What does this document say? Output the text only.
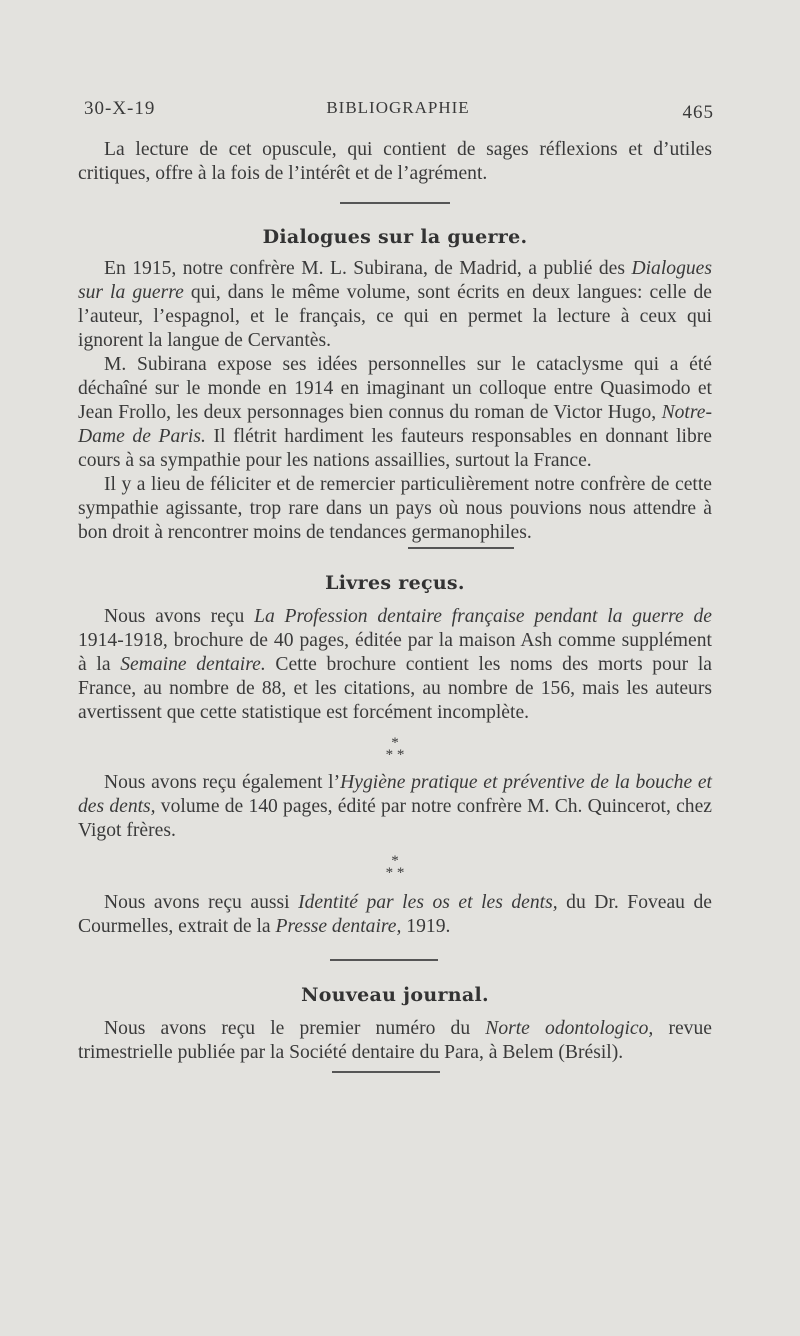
30-X-19	BIBLIOGRAPHIE	465

La lecture de cet opuscule, qui contient de sages réflexions et d’utiles critiques, offre à la fois de l’intérêt et de l’agrément.

Dialogues sur la guerre.

En 1915, notre confrère M. L. Subirana, de Madrid, a publié des Dialogues sur la guerre qui, dans le même volume, sont écrits en deux langues: celle de l’auteur, l’espagnol, et le français, ce qui en permet la lecture à ceux qui ignorent la langue de Cervantès.

M. Subirana expose ses idées personnelles sur le cataclysme qui a été déchaîné sur le monde en 1914 en imaginant un colloque entre Quasimodo et Jean Frollo, les deux personnages bien connus du roman de Victor Hugo, Notre-Dame de Paris. Il flétrit hardiment les fauteurs responsables en donnant libre cours à sa sympathie pour les nations assaillies, surtout la France.

Il y a lieu de féliciter et de remercier particulièrement notre confrère de cette sympathie agissante, trop rare dans un pays où nous pouvions nous attendre à bon droit à rencontrer moins de tendances germanophiles.

Livres reçus.

Nous avons reçu La Profession dentaire française pendant la guerre de 1914-1918, brochure de 40 pages, éditée par la maison Ash comme supplément à la Semaine dentaire. Cette brochure contient les noms des morts pour la France, au nombre de 88, et les citations, au nombre de 156, mais les auteurs avertissent que cette statistique est forcément incomplète.

*
* *

Nous avons reçu également l’Hygiène pratique et préventive de la bouche et des dents, volume de 140 pages, édité par notre confrère M. Ch. Quincerot, chez Vigot frères.

*
* *

Nous avons reçu aussi Identité par les os et les dents, du Dr. Foveau de Courmelles, extrait de la Presse dentaire, 1919.

Nouveau journal.

Nous avons reçu le premier numéro du Norte odontologico, revue trimestrielle publiée par la Société dentaire du Para, à Belem (Brésil).
